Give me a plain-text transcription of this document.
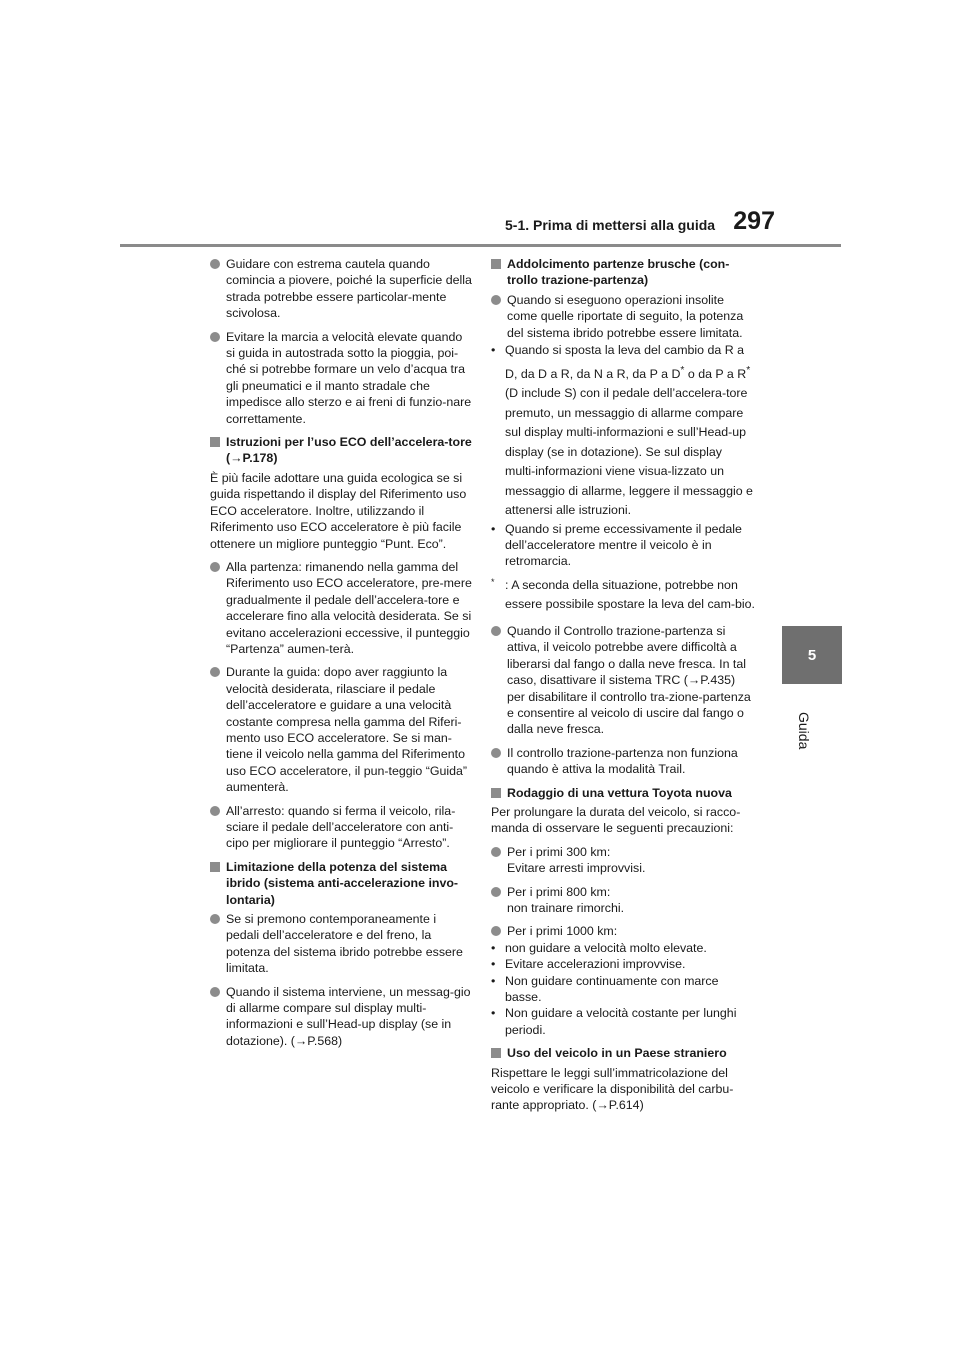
5-1. Prima di mettersi alla guida 297
5
Guida
Guidare con estrema cautela quando comincia a piovere, poiché la superficie della strada potrebbe essere particolar-mente scivolosa.
Evitare la marcia a velocità elevate quando si guida in autostrada sotto la pioggia, poi-ché si potrebbe formare un velo d’acqua tra gli pneumatici e il manto stradale che impedisce allo sterzo e ai freni di funzio-nare correttamente.
Istruzioni per l’uso ECO dell’accelera-tore (→P.178)
È più facile adottare una guida ecologica se si guida rispettando il display del Riferimento uso ECO acceleratore. Inoltre, utilizzando il Riferimento uso ECO acceleratore è più facile ottenere un migliore punteggio “Punt. Eco”.
Alla partenza: rimanendo nella gamma del Riferimento uso ECO acceleratore, pre-mere gradualmente il pedale dell’accelera-tore e accelerare fino alla velocità desiderata. Se si evitano accelerazioni eccessive, il punteggio “Partenza” aumen-terà.
Durante la guida: dopo aver raggiunto la velocità desiderata, rilasciare il pedale dell’acceleratore e guidare a una velocità costante compresa nella gamma del Riferi-mento uso ECO acceleratore. Se si man-tiene il veicolo nella gamma del Riferimento uso ECO acceleratore, il pun-teggio “Guida” aumenterà.
All’arresto: quando si ferma il veicolo, rila-sciare il pedale dell’acceleratore con anti-cipo per migliorare il punteggio “Arresto”.
Limitazione della potenza del sistema ibrido (sistema anti-accelerazione invo-lontaria)
Se si premono contemporaneamente i pedali dell’acceleratore e del freno, la potenza del sistema ibrido potrebbe essere limitata.
Quando il sistema interviene, un messag-gio di allarme compare sul display multi-informazioni e sull’Head-up display (se in dotazione). (→P.568)
Addolcimento partenze brusche (con-trollo trazione-partenza)
Quando si eseguono operazioni insolite come quelle riportate di seguito, la potenza del sistema ibrido potrebbe essere limitata.
• Quando si sposta la leva del cambio da R a D, da D a R, da N a R, da P a D* o da P a R* (D include S) con il pedale dell’accelera-tore premuto, un messaggio di allarme compare sul display multi-informazioni e sull’Head-up display (se in dotazione). Se sul display multi-informazioni viene visua-lizzato un messaggio di allarme, leggere il messaggio e attenersi alle istruzioni.
• Quando si preme eccessivamente il pedale dell’acceleratore mentre il veicolo è in retromarcia.
* : A seconda della situazione, potrebbe non essere possibile spostare la leva del cam-bio.
Quando il Controllo trazione-partenza si attiva, il veicolo potrebbe avere difficoltà a liberarsi dal fango o dalla neve fresca. In tal caso, disattivare il sistema TRC (→P.435) per disabilitare il controllo tra-zione-partenza e consentire al veicolo di uscire dal fango o dalla neve fresca.
Il controllo trazione-partenza non funziona quando è attiva la modalità Trail.
Rodaggio di una vettura Toyota nuova
Per prolungare la durata del veicolo, si racco-manda di osservare le seguenti precauzioni:
Per i primi 300 km:
Evitare arresti improvvisi.
Per i primi 800 km:
non trainare rimorchi.
Per i primi 1000 km:
• non guidare a velocità molto elevate.
• Evitare accelerazioni improvvise.
• Non guidare continuamente con marce basse.
• Non guidare a velocità costante per lunghi periodi.
Uso del veicolo in un Paese straniero
Rispettare le leggi sull’immatricolazione del veicolo e verificare la disponibilità del carbu-rante appropriato. (→P.614)
